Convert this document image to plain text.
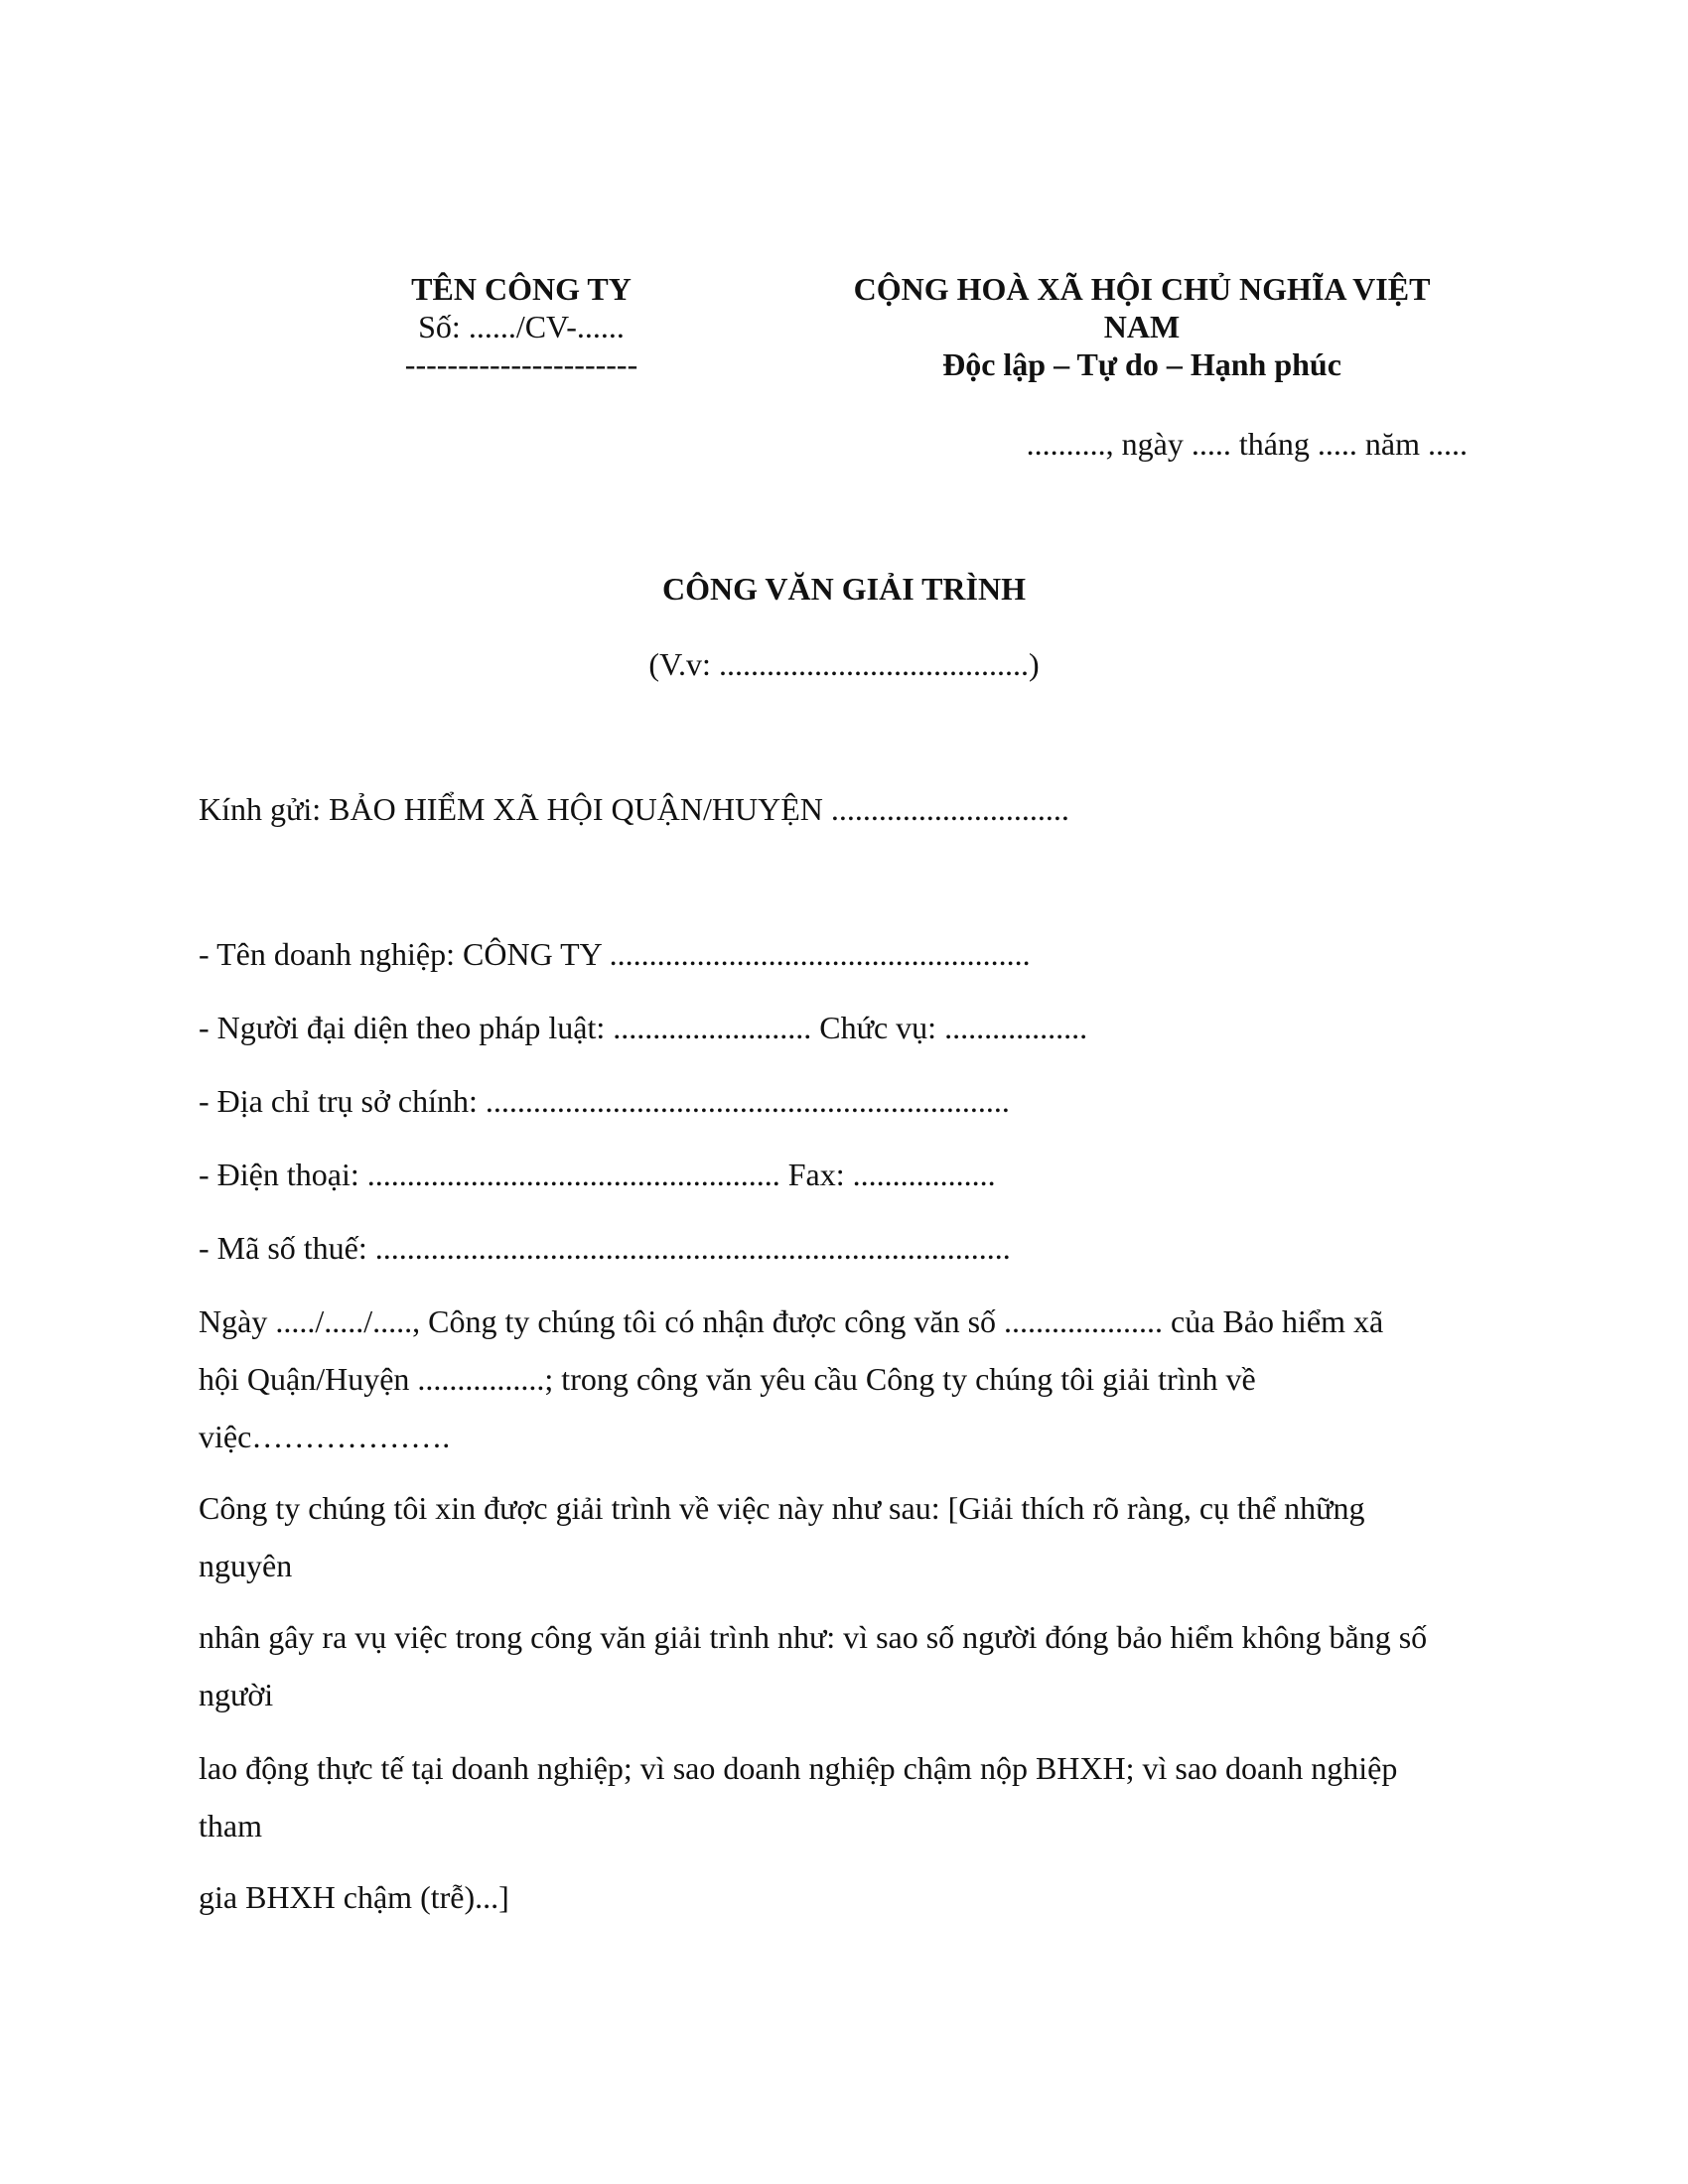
TÊN CÔNG TY
Số: ....../CV-......
----------------------
CỘNG HOÀ XÃ HỘI CHỦ NGHĨA VIỆT
NAM
Độc lập – Tự do – Hạnh phúc
.........., ngày ..... tháng ..... năm .....
CÔNG VĂN GIẢI TRÌNH
(V.v: .......................................)
Kính gửi: BẢO HIỂM XÃ HỘI QUẬN/HUYỆN ..............................
- Tên doanh nghiệp: CÔNG TY .....................................................
- Người đại diện theo pháp luật: ......................... Chức vụ: ..................
- Địa chỉ trụ sở chính: ..................................................................
- Điện thoại: .................................................... Fax: ..................
- Mã số thuế: ................................................................................
Ngày ...../...../....., Công ty chúng tôi có nhận được công văn số .................... của Bảo hiểm xã
hội Quận/Huyện ................; trong công văn yêu cầu Công ty chúng tôi giải trình về
việc……………….
Công ty chúng tôi xin được giải trình về việc này như sau: [Giải thích rõ ràng, cụ thể những
nguyên
nhân gây ra vụ việc trong công văn giải trình như: vì sao số người đóng bảo hiểm không bằng số
người
lao động thực tế tại doanh nghiệp; vì sao doanh nghiệp chậm nộp BHXH; vì sao doanh nghiệp
tham
gia BHXH chậm (trễ)...]
